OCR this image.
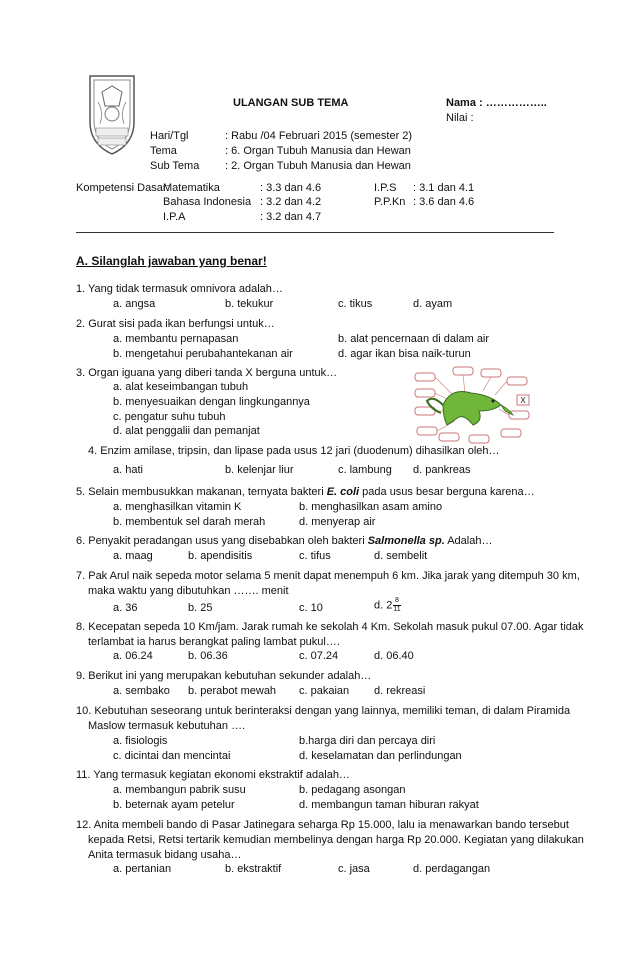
ULANGAN SUB TEMA	Nama : ……………..
Nilai :
Hari/Tgl	: Rabu /04 Februari 2015 (semester 2)
Tema	: 6. Organ Tubuh Manusia dan Hewan
Sub Tema : 2. Organ Tubuh Manusia dan Hewan
Kompetensi Dasar:
Matematika	: 3.3 dan 4.6	I.P.S : 3.1 dan 4.1
Bahasa Indonesia : 3.2 dan 4.2	P.P.Kn : 3.6 dan 4.6
I.P.A	: 3.2 dan 4.7
A. Silanglah jawaban yang benar!
1. Yang tidak termasuk omnivora adalah…
a. angsa	b. tekukur	c. tikus	d. ayam
2. Gurat sisi pada ikan berfungsi untuk…
a. membantu pernapasan	b. alat pencernaan di dalam air
b. mengetahui perubahantekanan air	d. agar ikan bisa naik-turun
3. Organ iguana yang diberi tanda X berguna untuk…
a. alat keseimbangan tubuh
b. menyesuaikan dengan lingkungannya
c. pengatur suhu tubuh
d. alat penggalii dan pemanjat
X
4. Enzim amilase, tripsin, dan lipase pada usus 12 jari (duodenum) dihasilkan oleh…
a. hati	b. kelenjar liur	c. lambung d. pankreas
5. Selain membusukkan makanan, ternyata bakteri E. coli pada usus besar berguna karena…
a. menghasilkan vitamin K	b. menghasilkan asam amino
b. membentuk sel darah merah	d. menyerap air
6. Penyakit peradangan usus yang disebabkan oleh bakteri Salmonella sp. Adalah…
a. maag	b. apendisitis	c. tifus	d. sembelit
7. Pak Arul naik sepeda motor selama 5 menit dapat menempuh 6 km. Jika jarak yang ditempuh 30 km,
maka waktu yang dibutuhkan ……. menit
a. 36	b. 25	c. 10	d. $2 \frac{8}{11}$
8. Kecepatan sepeda 10 Km/jam. Jarak rumah ke sekolah 4 Km. Sekolah masuk pukul 07.00. Agar tidak
terlambat ia harus berangkat paling lambat pukul….
a. 06.24	b. 06.36	c. 07.24	d. 06.40
9. Berikut ini yang merupakan kebutuhan sekunder adalah…
a. sembako b. perabot mewah c. pakaian d. rekreasi
10. Kebutuhan seseorang untuk berinteraksi dengan yang lainnya, memiliki teman, di dalam Piramida
Maslow termasuk kebutuhan ….
a. fisiologis	b.harga diri dan percaya diri
c. dicintai dan mencintai	d. keselamatan dan perlindungan
11. Yang termasuk kegiatan ekonomi ekstraktif adalah…
a. membangun pabrik susu	b. pedagang asongan
b. beternak ayam petelur	d. membangun taman hiburan rakyat
12. Anita membeli bando di Pasar Jatinegara seharga Rp 15.000, lalu ia menawarkan bando tersebut
kepada Retsi, Retsi tertarik kemudian membelinya dengan harga Rp 20.000. Kegiatan yang dilakukan
Anita termasuk bidang usaha…
a. pertanian	b. ekstraktif	c. jasa	d. perdagangan
